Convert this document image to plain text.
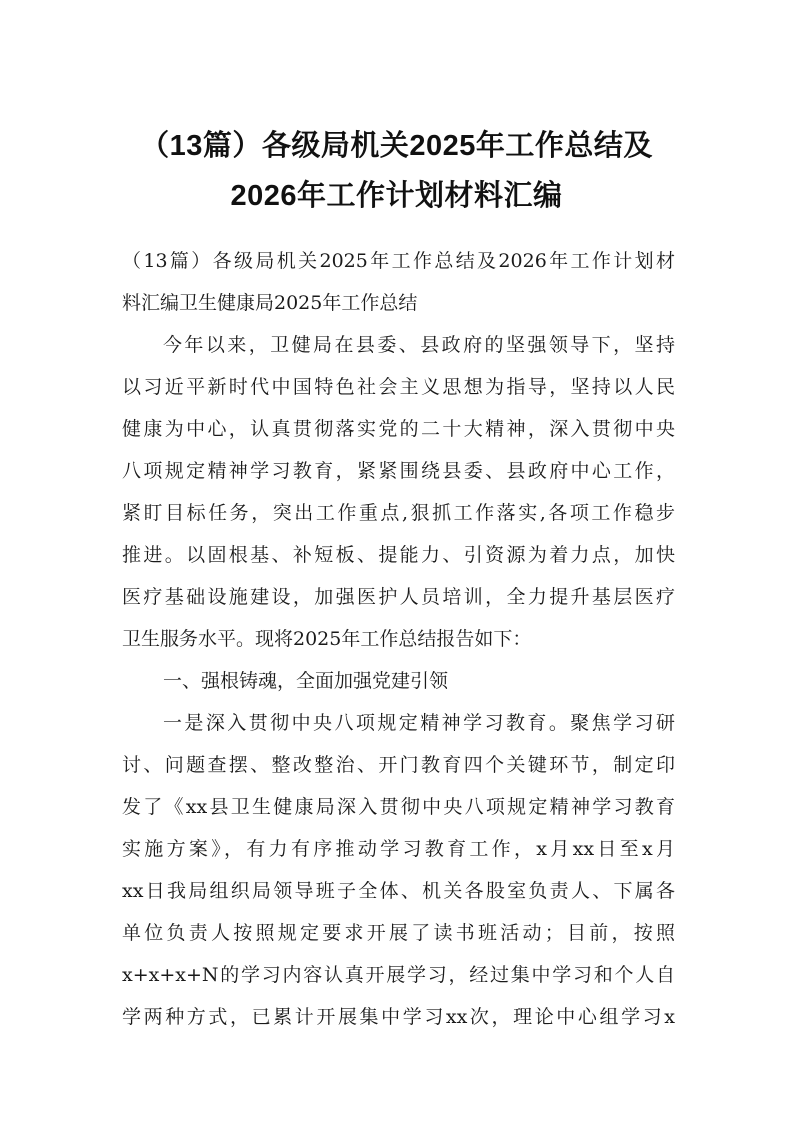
（13篇）各级局机关2025年工作总结及
2026年工作计划材料汇编
（13篇）各级局机关2025年工作总结及2026年工作计划材
料汇编卫生健康局2025年工作总结
今年以来，卫健局在县委、县政府的坚强领导下，坚持
以习近平新时代中国特色社会主义思想为指导，坚持以人民
健康为中心，认真贯彻落实党的二十大精神，深入贯彻中央
八项规定精神学习教育，紧紧围绕县委、县政府中心工作，
紧盯目标任务，突出工作重点,狠抓工作落实,各项工作稳步
推进。以固根基、补短板、提能力、引资源为着力点，加快
医疗基础设施建设，加强医护人员培训，全力提升基层医疗
卫生服务水平。现将2025年工作总结报告如下：
一、强根铸魂，全面加强党建引领
一是深入贯彻中央八项规定精神学习教育。聚焦学习研
讨、问题查摆、整改整治、开门教育四个关键环节，制定印
发了《xx县卫生健康局深入贯彻中央八项规定精神学习教育
实施方案》，有力有序推动学习教育工作，x月xx日至x月
xx日我局组织局领导班子全体、机关各股室负责人、下属各
单位负责人按照规定要求开展了读书班活动；目前，按照
x+x+x+N的学习内容认真开展学习，经过集中学习和个人自
学两种方式，已累计开展集中学习xx次，理论中心组学习x
